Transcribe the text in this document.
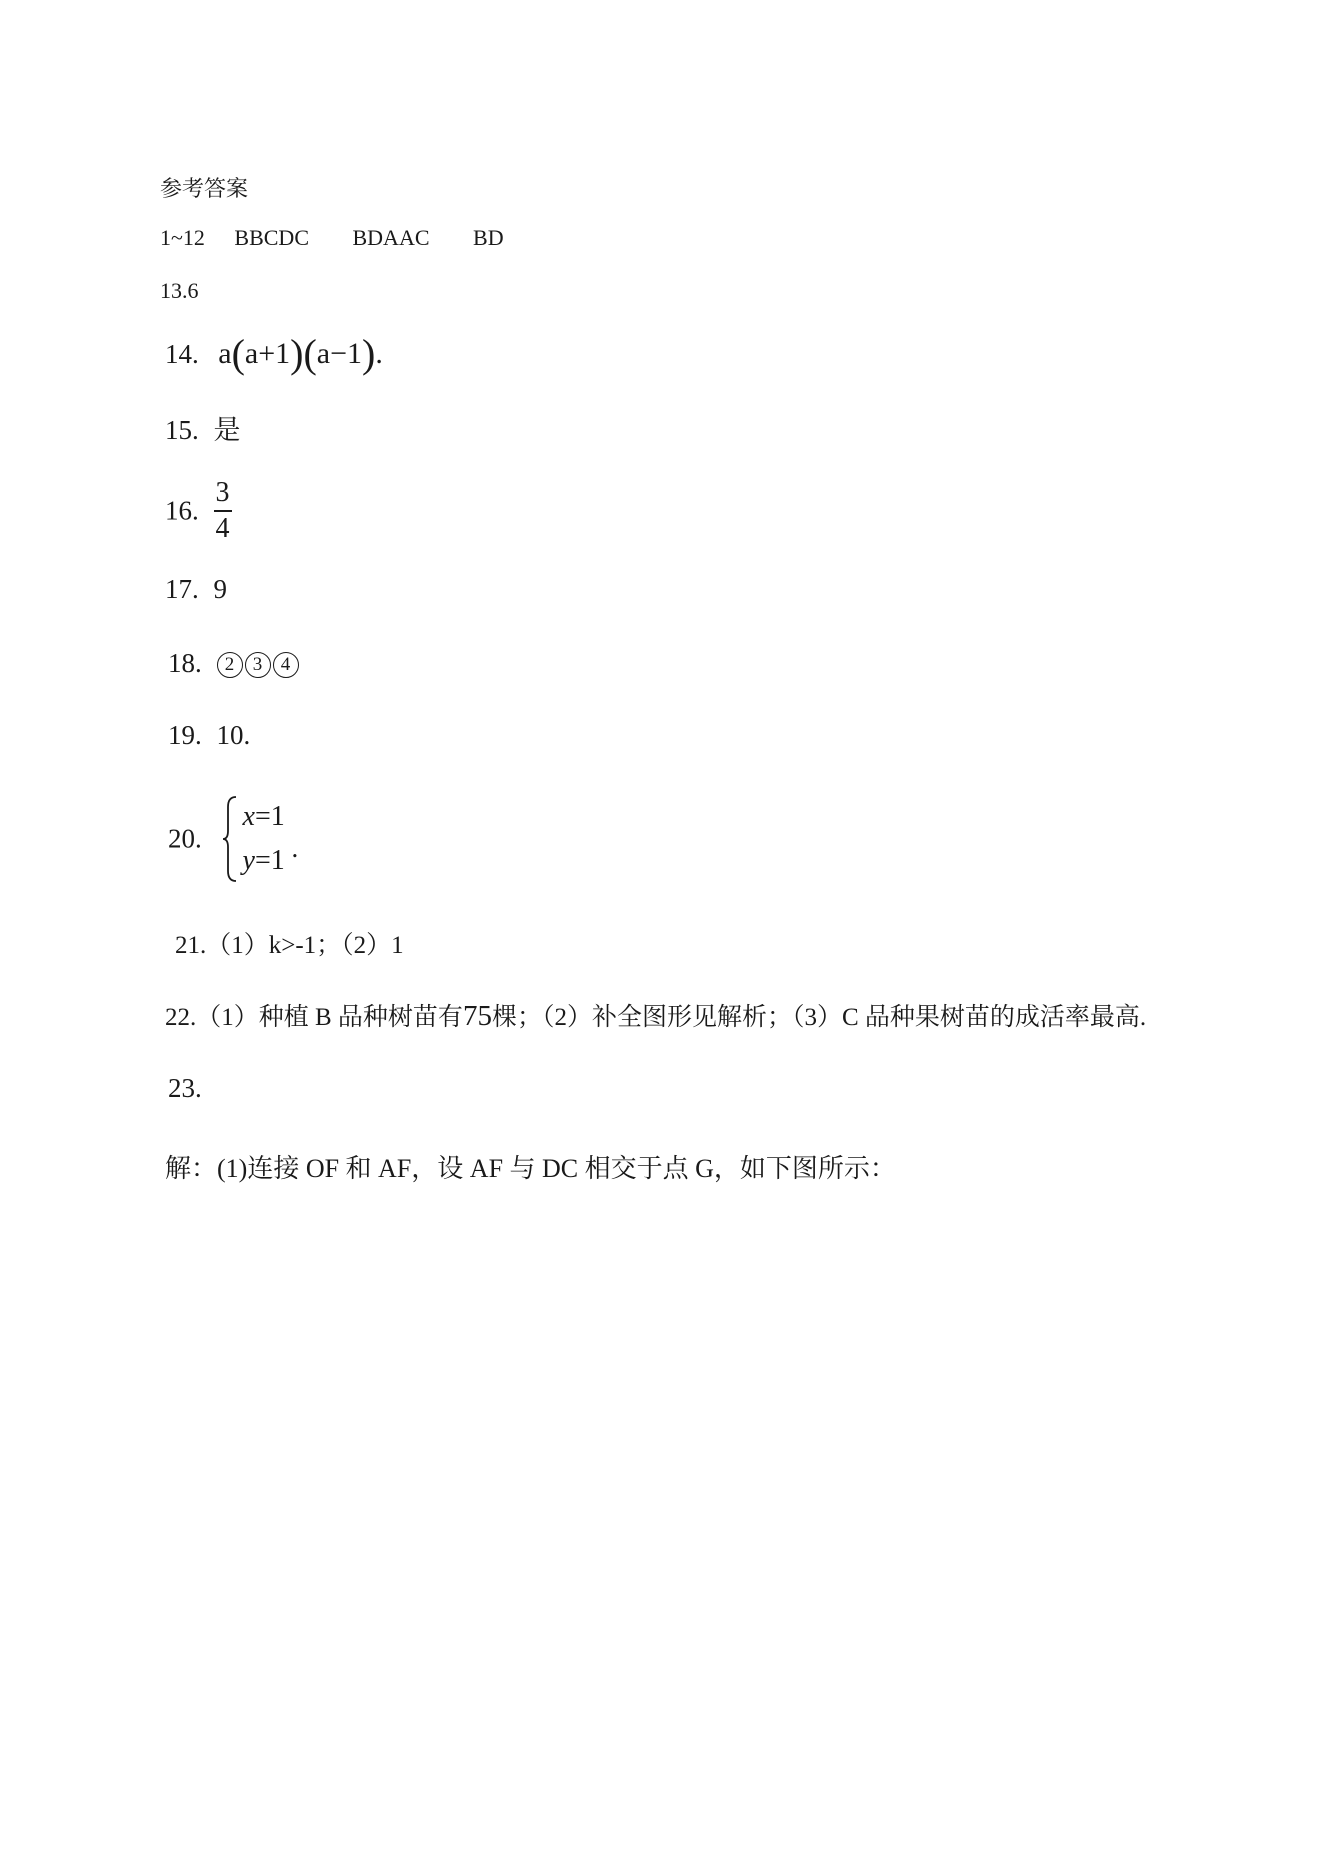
参考答案
1~12 BBCDC BDAAC BD
13.6
14. a(a+1)(a−1).
15. 是
16. $\frac{3}{4}$
17. 9
18. 2 3 4
19. 10.
20.
x=1
y=1 .
21.（1）k>-1；（2）1
22.（1）种植 B 品种树苗有75棵；（2）补全图形见解析；（3）C 品种果树苗的成活率最高.
23.
解：(1)连接 OF 和 AF，设 AF 与 DC 相交于点 G，如下图所示：
